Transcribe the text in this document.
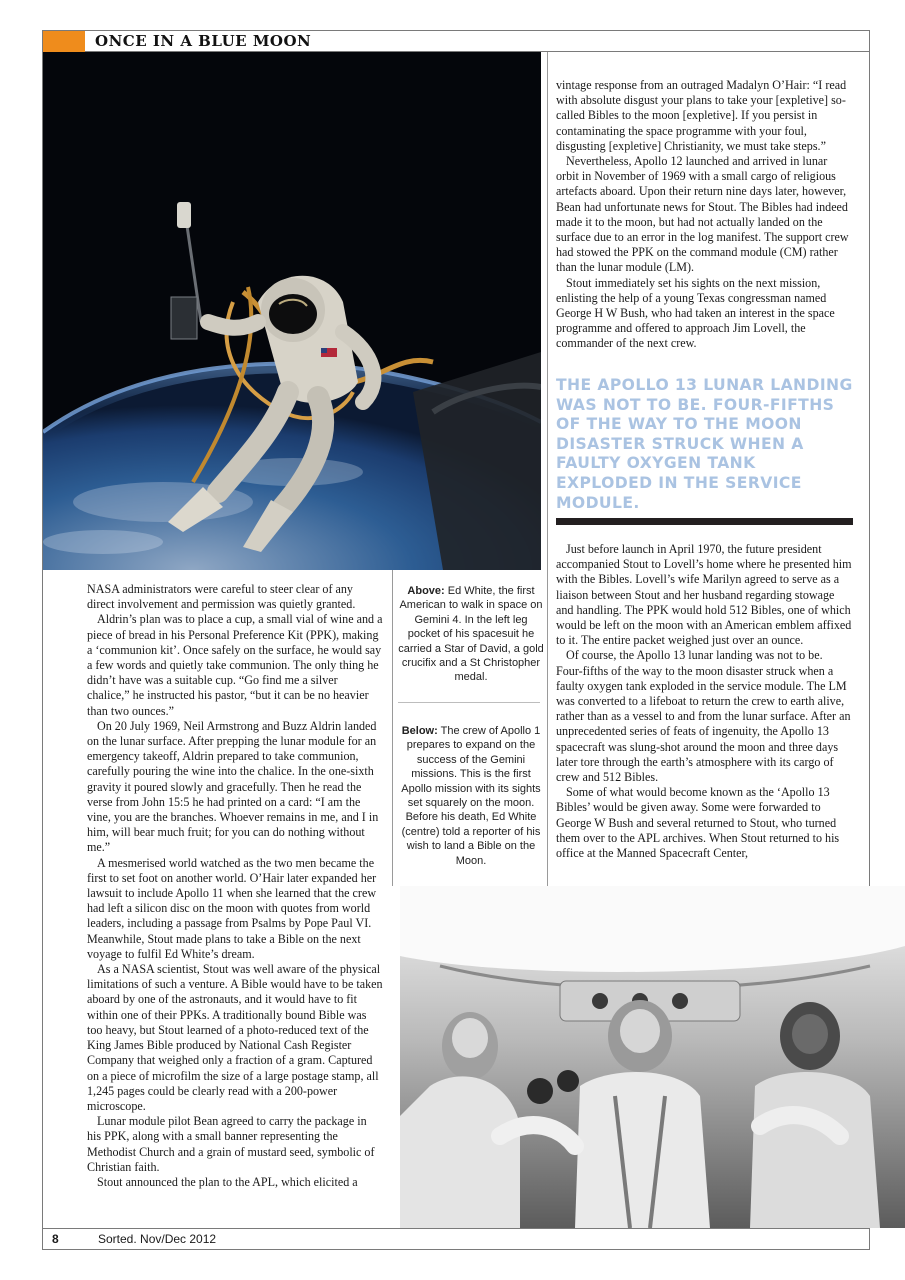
ONCE IN A BLUE MOON

NASA administrators were careful to steer clear of any direct involvement and permission was quietly granted.

Aldrin’s plan was to place a cup, a small vial of wine and a piece of bread in his Personal Preference Kit (PPK), making a ‘communion kit’. Once safely on the surface, he would say a few words and quietly take communion. The only thing he didn’t have was a suitable cup. “Go find me a silver chalice,” he instructed his pastor, “but it can be no heavier than two ounces.”

On 20 July 1969, Neil Armstrong and Buzz Aldrin landed on the lunar surface. After prepping the lunar module for an emergency takeoff, Aldrin prepared to take communion, carefully pouring the wine into the chalice. In the one-sixth gravity it poured slowly and gracefully. Then he read the verse from John 15:5 he had printed on a card: “I am the vine, you are the branches. Whoever remains in me, and I in him, will bear much fruit; for you can do nothing without me.”

A mesmerised world watched as the two men became the first to set foot on another world. O’Hair later expanded her lawsuit to include Apollo 11 when she learned that the crew had left a silicon disc on the moon with quotes from world leaders, including a passage from Psalms by Pope Paul VI. Meanwhile, Stout made plans to take a Bible on the next voyage to fulfil Ed White’s dream.

As a NASA scientist, Stout was well aware of the physical limitations of such a venture. A Bible would have to be taken aboard by one of the astronauts, and it would have to fit within one of their PPKs. A traditionally bound Bible was too heavy, but Stout learned of a photo-reduced text of the King James Bible produced by National Cash Register Company that weighed only a fraction of a gram. Captured on a piece of microfilm the size of a large postage stamp, all 1,245 pages could be clearly read with a 200-power microscope.

Lunar module pilot Bean agreed to carry the package in his PPK, along with a small banner representing the Methodist Church and a grain of mustard seed, symbolic of Christian faith.

Stout announced the plan to the APL, which elicited a

Above: Ed White, the first American to walk in space on Gemini 4. In the left leg pocket of his spacesuit he carried a Star of David, a gold crucifix and a St Christopher medal.
Below: The crew of Apollo 1 prepares to expand on the success of the Gemini missions. This is the first Apollo mission with its sights set squarely on the moon. Before his death, Ed White (centre) told a reporter of his wish to land a Bible on the Moon.

vintage response from an outraged Madalyn O’Hair: “I read with absolute disgust your plans to take your [expletive] so-called Bibles to the moon [expletive]. If you persist in contaminating the space programme with your foul, disgusting [expletive] Christianity, we must take steps.”

Nevertheless, Apollo 12 launched and arrived in lunar orbit in November of 1969 with a small cargo of religious artefacts aboard. Upon their return nine days later, however, Bean had unfortunate news for Stout. The Bibles had indeed made it to the moon, but had not actually landed on the surface due to an error in the log manifest. The support crew had stowed the PPK on the command module (CM) rather than the lunar module (LM).

Stout immediately set his sights on the next mission, enlisting the help of a young Texas congressman named George H W Bush, who had taken an interest in the space programme and offered to approach Jim Lovell, the commander of the next crew.

THE APOLLO 13 LUNAR LANDING WAS NOT TO BE. FOUR-FIFTHS OF THE WAY TO THE MOON DISASTER STRUCK WHEN A FAULTY OXYGEN TANK EXPLODED IN THE SERVICE MODULE.

Just before launch in April 1970, the future president accompanied Stout to Lovell’s home where he presented him with the Bibles. Lovell’s wife Marilyn agreed to serve as a liaison between Stout and her husband regarding stowage and handling. The PPK would hold 512 Bibles, one of which would be left on the moon with an American emblem affixed to it. The entire packet weighed just over an ounce.

Of course, the Apollo 13 lunar landing was not to be. Four-fifths of the way to the moon disaster struck when a faulty oxygen tank exploded in the service module. The LM was converted to a lifeboat to return the crew to earth alive, rather than as a vessel to and from the lunar surface. After an unprecedented series of feats of ingenuity, the Apollo 13 spacecraft was slung-shot around the moon and three days later tore through the earth’s atmosphere with its cargo of crew and 512 Bibles.

Some of what would become known as the ‘Apollo 13 Bibles’ would be given away. Some were forwarded to George W Bush and several returned to Stout, who turned them over to the APL archives. When Stout returned to his office at the Manned Spacecraft Center,

8	Sorted. Nov/Dec 2012
